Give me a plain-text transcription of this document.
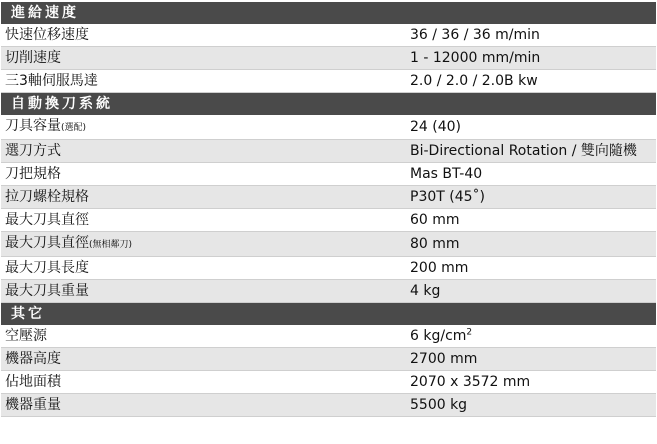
進給速度	
快速位移速度	36 / 36 / 36 m/min
切削速度	1 - 12000 mm/min
三3軸伺服馬達	2.0 / 2.0 / 2.0B kw
自動換刀系統	
刀具容量(選配)	24 (40)
選刀方式	Bi-Directional Rotation / 雙向隨機
刀把規格	Mas BT-40
拉刀螺栓規格	P30T (45˚)
最大刀具直徑	60 mm
最大刀具直徑(無相鄰刀)	80 mm
最大刀具長度	200 mm
最大刀具重量	4 kg
其它	
空壓源	6 $kg/cm^2$
機器高度	2700 mm
佔地面積	2070 x 3572 mm
機器重量	5500 kg
